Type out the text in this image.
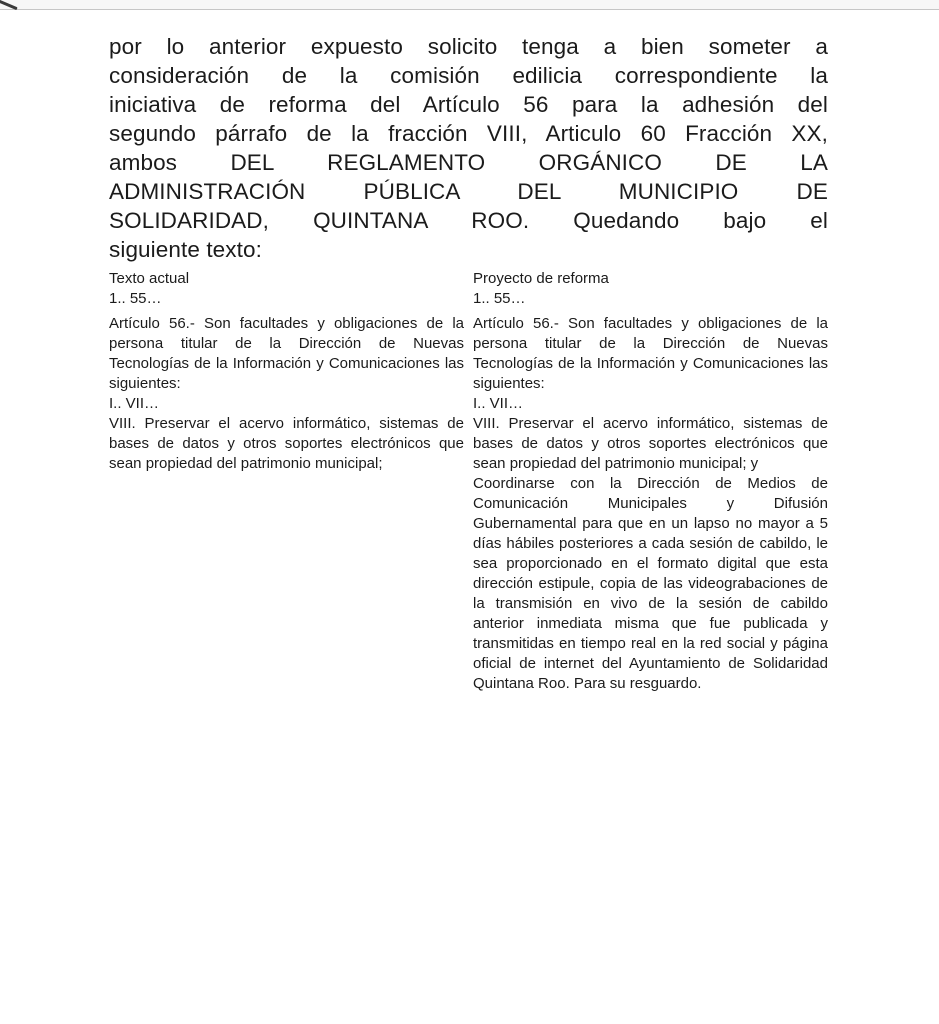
por lo anterior expuesto solicito tenga a bien someter a
consideración de la comisión edilicia correspondiente la
iniciativa de reforma del Artículo 56 para la adhesión del
segundo párrafo de la fracción VIII, Articulo 60 Fracción XX,
ambos DEL REGLAMENTO ORGÁNICO DE LA
ADMINISTRACIÓN PÚBLICA DEL MUNICIPIO DE
SOLIDARIDAD, QUINTANA ROO. Quedando bajo el
siguiente texto:

Texto actual

1.. 55…

Artículo 56.- Son facultades y obligaciones de la persona titular de la Dirección de Nuevas Tecnologías de la Información y Comunicaciones las siguientes:

I.. VII…

VIII. Preservar el acervo informático, sistemas de bases de datos y otros soportes electrónicos que sean propiedad del patrimonio municipal;

Proyecto de reforma

1.. 55…

Artículo 56.- Son facultades y obligaciones de la persona titular de la Dirección de Nuevas Tecnologías de la Información y Comunicaciones las siguientes:

I.. VII…

VIII. Preservar el acervo informático, sistemas de bases de datos y otros soportes electrónicos que sean propiedad del patrimonio municipal; y

Coordinarse con la Dirección de Medios de Comunicación Municipales y Difusión Gubernamental para que en un lapso no mayor a 5 días hábiles posteriores a cada sesión de cabildo, le sea proporcionado en el formato digital que esta dirección estipule, copia de las videograbaciones de la transmisión en vivo de la sesión de cabildo anterior inmediata misma que fue publicada y transmitidas en tiempo real en la red social y página oficial de internet del Ayuntamiento de Solidaridad Quintana Roo. Para su resguardo.
